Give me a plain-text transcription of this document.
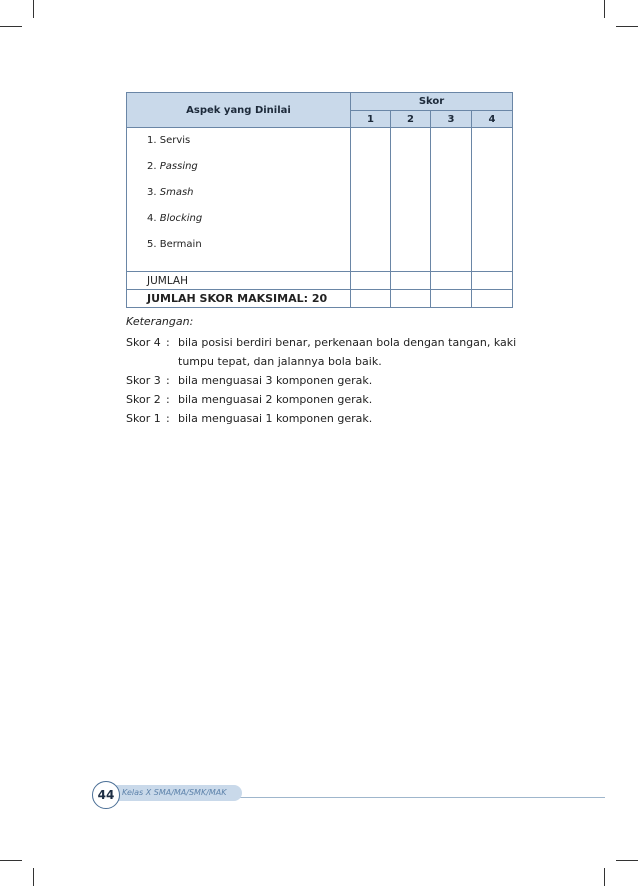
Aspek yang Dinilai	Skor			
	1	2	3	4

1. Servis
2. Passing
3. Smash
4. Blocking
5. Bermain				

JUMLAH				
JUMLAH SKOR MAKSIMAL: 20				
Keterangan:
Skor 4 : bila posisi berdiri benar, perkenaan bola dengan tangan, kaki tumpu tepat, dan jalannya bola baik.
Skor 3 : bila menguasai 3 komponen gerak.
Skor 2 : bila menguasai 2 komponen gerak.
Skor 1 : bila menguasai 1 komponen gerak.
Kelas X SMA/MA/SMK/MAK
44
